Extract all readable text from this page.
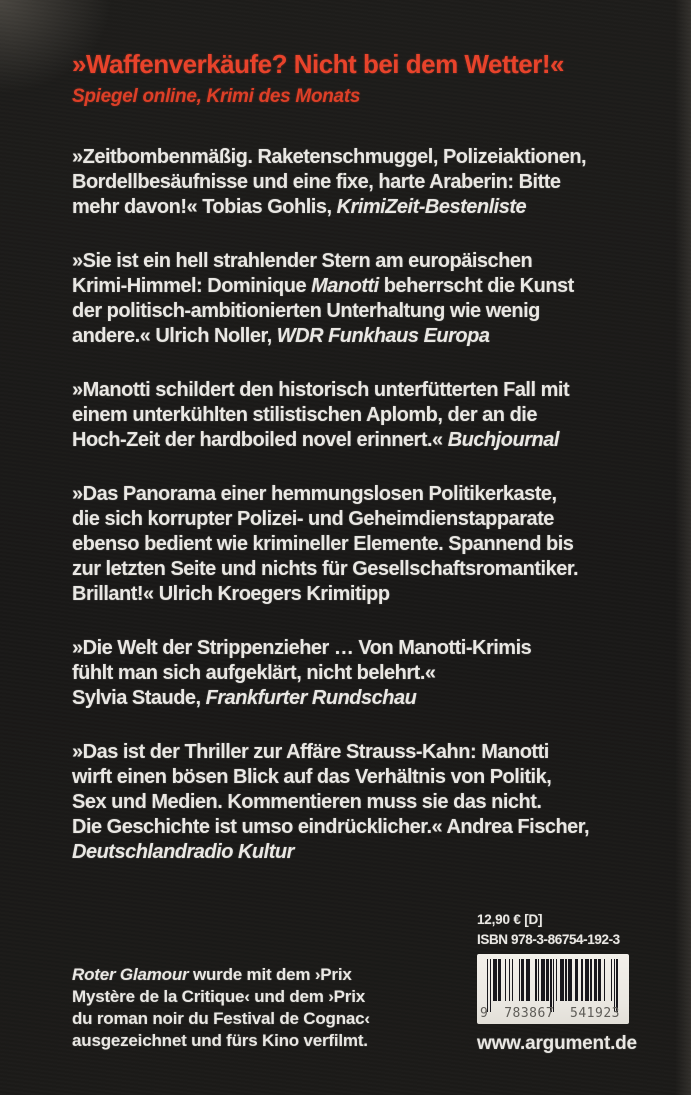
»Waffenverkäufe? Nicht bei dem Wetter!«
Spiegel online, Krimi des Monats

»Zeitbombenmäßig. Raketenschmuggel, Polizeiaktionen,
Bordellbesäufnisse und eine fixe, harte Araberin: Bitte
mehr davon!« Tobias Gohlis, KrimiZeit-Bestenliste

»Sie ist ein hell strahlender Stern am europäischen
Krimi-Himmel: Dominique Manotti beherrscht die Kunst
der politisch-ambitionierten Unterhaltung wie wenig
andere.« Ulrich Noller, WDR Funkhaus Europa

»Manotti schildert den historisch unterfütterten Fall mit
einem unterkühlten stilistischen Aplomb, der an die
Hoch-Zeit der hardboiled novel erinnert.« Buchjournal

»Das Panorama einer hemmungslosen Politikerkaste,
die sich korrupter Polizei- und Geheimdienstapparate
ebenso bedient wie krimineller Elemente. Spannend bis
zur letzten Seite und nichts für Gesellschaftsromantiker.
Brillant!« Ulrich Kroegers Krimitipp

»Die Welt der Strippenzieher … Von Manotti-Krimis
fühlt man sich aufgeklärt, nicht belehrt.«
Sylvia Staude, Frankfurter Rundschau

»Das ist der Thriller zur Affäre Strauss-Kahn: Manotti
wirft einen bösen Blick auf das Verhältnis von Politik,
Sex und Medien. Kommentieren muss sie das nicht.
Die Geschichte ist umso eindrücklicher.« Andrea Fischer,
Deutschlandradio Kultur

Roter Glamour wurde mit dem ›Prix
Mystère de la Critique‹ und dem ›Prix
du roman noir du Festival de Cognac‹
ausgezeichnet und fürs Kino verfilmt.
12,90 € [D]
ISBN 978-3-86754-192-3
9 783867 541923
www.argument.de
